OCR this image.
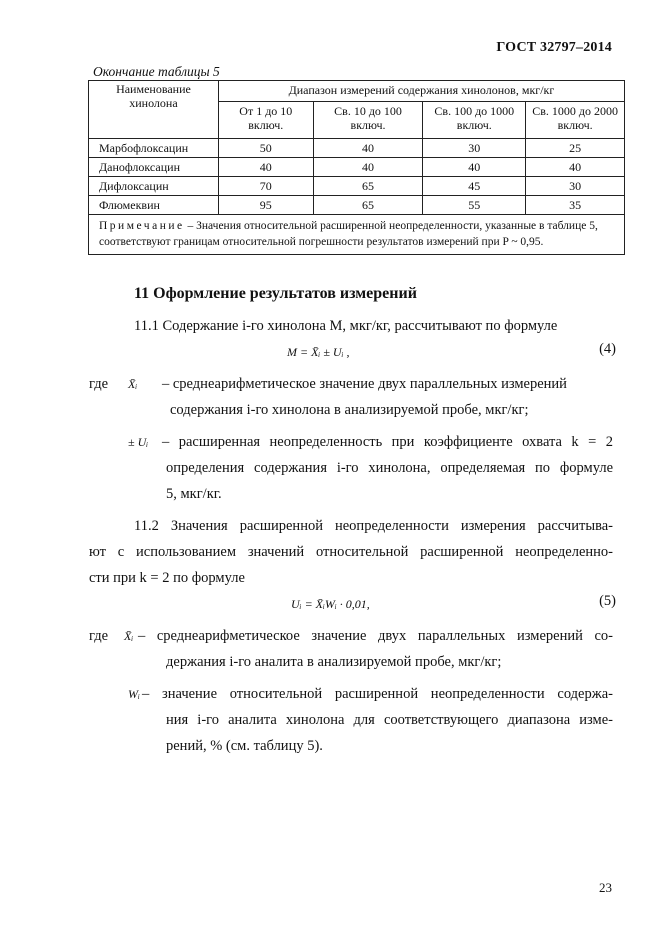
ГОСТ 32797–2014
Окончание таблицы 5
Наименование хинолона	Диапазон измерений содержания хинолонов, мкг/кг			
	От 1 до 10 включ.	Св. 10 до 100 включ.	Св. 100 до 1000 включ.	Св. 1000 до 2000 включ.
Марбофлоксацин	50	40	30	25
Данофлоксацин	40	40	40	40
Дифлоксацин	70	65	45	30
Флюмеквин	95	65	55	35
Примечание – Значения относительной расширенной неопределенности, указанные в таблице 5, соответствуют границам относительной погрешности результатов измерений при P ~ 0,95.				
11 Оформление результатов измерений
11.1 Содержание i-го хинолона M, мкг/кг, рассчитывают по формуле
M = X̄ᵢ ± Uᵢ ,	(4)
где X̄ᵢ – среднеарифметическое значение двух параллельных измерений
содержания i-го хинолона в анализируемой пробе, мкг/кг;
± Uᵢ – расширенная неопределенность при коэффициенте охвата k = 2
определения содержания i-го хинолона, определяемая по формуле
5, мкг/кг.
11.2 Значения расширенной неопределенности измерения рассчитыва-
ют с использованием значений относительной расширенной неопределенно-
сти при k = 2 по формуле
Uᵢ = X̄ᵢWᵢ · 0,01,	(5)
где X̄ᵢ – среднеарифметическое значение двух параллельных измерений со-
держания i-го аналита в анализируемой пробе, мкг/кг;
Wᵢ – значение относительной расширенной неопределенности содержа-
ния i-го аналита хинолона для соответствующего диапазона изме-
рений, % (см. таблицу 5).
23
